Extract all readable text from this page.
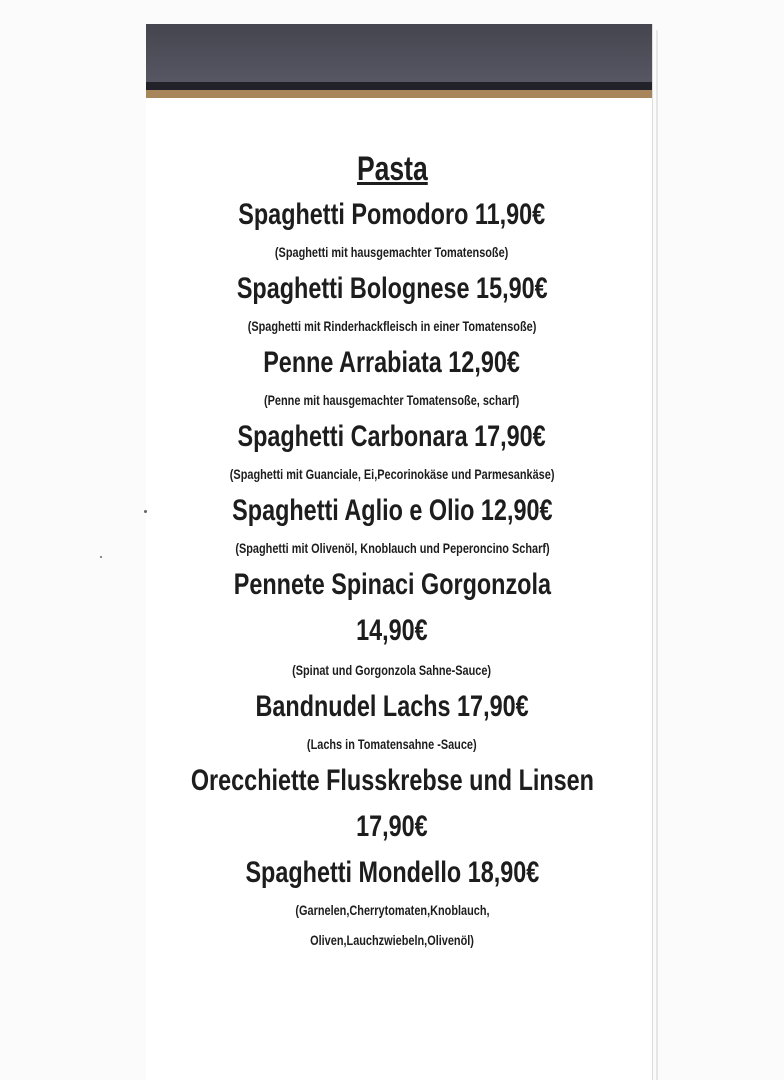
Pasta
Spaghetti Pomodoro 11,90€
(Spaghetti mit hausgemachter Tomatensoße)
Spaghetti Bolognese 15,90€
(Spaghetti mit Rinderhackfleisch in einer Tomatensoße)
Penne Arrabiata 12,90€
(Penne mit hausgemachter Tomatensoße, scharf)
Spaghetti Carbonara 17,90€
(Spaghetti mit Guanciale, Ei,Pecorinokäse und Parmesankäse)
Spaghetti Aglio e Olio 12,90€
(Spaghetti mit Olivenöl, Knoblauch und Peperoncino Scharf)
Pennete Spinaci Gorgonzola
14,90€
(Spinat und Gorgonzola Sahne-Sauce)
Bandnudel Lachs 17,90€
(Lachs in Tomatensahne -Sauce)
Orecchiette Flusskrebse und Linsen
17,90€
Spaghetti Mondello 18,90€
(Garnelen,Cherrytomaten,Knoblauch,
Oliven,Lauchzwiebeln,Olivenöl)
